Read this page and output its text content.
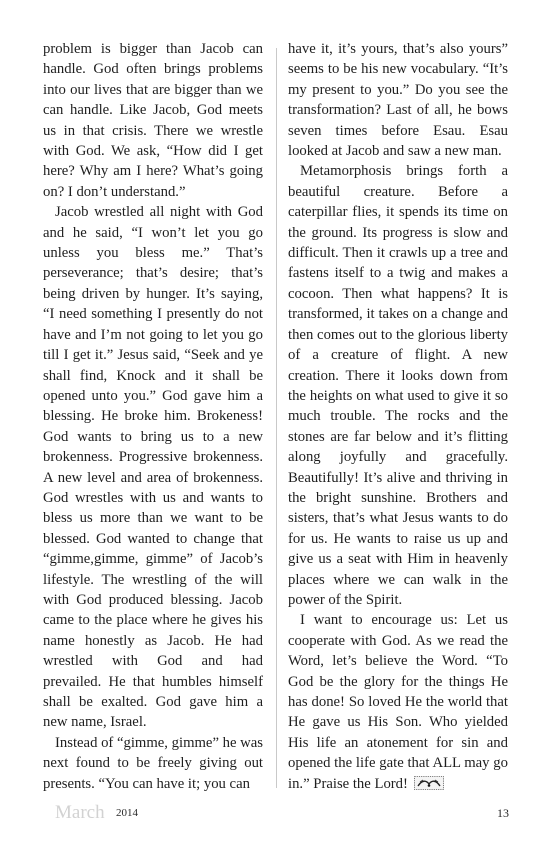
problem is bigger than Jacob can handle. God often brings problems into our lives that are bigger than we can handle. Like Jacob, God meets us in that crisis. There we wrestle with God. We ask, “How did I get here? Why am I here? What’s going on? I don’t understand.”

Jacob wrestled all night with God and he said, “I won’t let you go unless you bless me.” That’s perseverance; that’s desire; that’s being driven by hunger. It’s saying, “I need something I presently do not have and I’m not going to let you go till I get it.” Jesus said, “Seek and ye shall find, Knock and it shall be opened unto you.” God gave him a blessing. He broke him. Brokeness! God wants to bring us to a new brokenness. Progressive brokenness. A new level and area of brokenness. God wrestles with us and wants to bless us more than we want to be blessed. God wanted to change that “gimme,gimme, gimme” of Jacob’s lifestyle. The wrestling of the will with God produced blessing. Jacob came to the place where he gives his name honestly as Jacob. He had wrestled with God and had prevailed. He that humbles himself shall be exalted. God gave him a new name, Israel.

Instead of “gimme, gimme” he was next found to be freely giving out presents. “You can have it; you can

have it, it’s yours, that’s also yours” seems to be his new vocabulary. “It’s my present to you.” Do you see the transformation? Last of all, he bows seven times before Esau. Esau looked at Jacob and saw a new man.

Metamorphosis brings forth a beautiful creature. Before a caterpillar flies, it spends its time on the ground. Its progress is slow and difficult. Then it crawls up a tree and fastens itself to a twig and makes a cocoon. Then what happens? It is transformed, it takes on a change and then comes out to the glorious liberty of a creature of flight. A new creation. There it looks down from the heights on what used to give it so much trouble. The rocks and the stones are far below and it’s flitting along joyfully and gracefully. Beautifully! It’s alive and thriving in the bright sunshine. Brothers and sisters, that’s what Jesus wants to do for us. He wants to raise us up and give us a seat with Him in heavenly places where we can walk in the power of the Spirit.

I want to encourage us: Let us cooperate with God. As we read the Word, let’s believe the Word. “To God be the glory for the things He has done! So loved He the world that He gave us His Son. Who yielded His life an atonement for sin and opened the life gate that ALL may go in.” Praise the Lord!

March 2014	13
